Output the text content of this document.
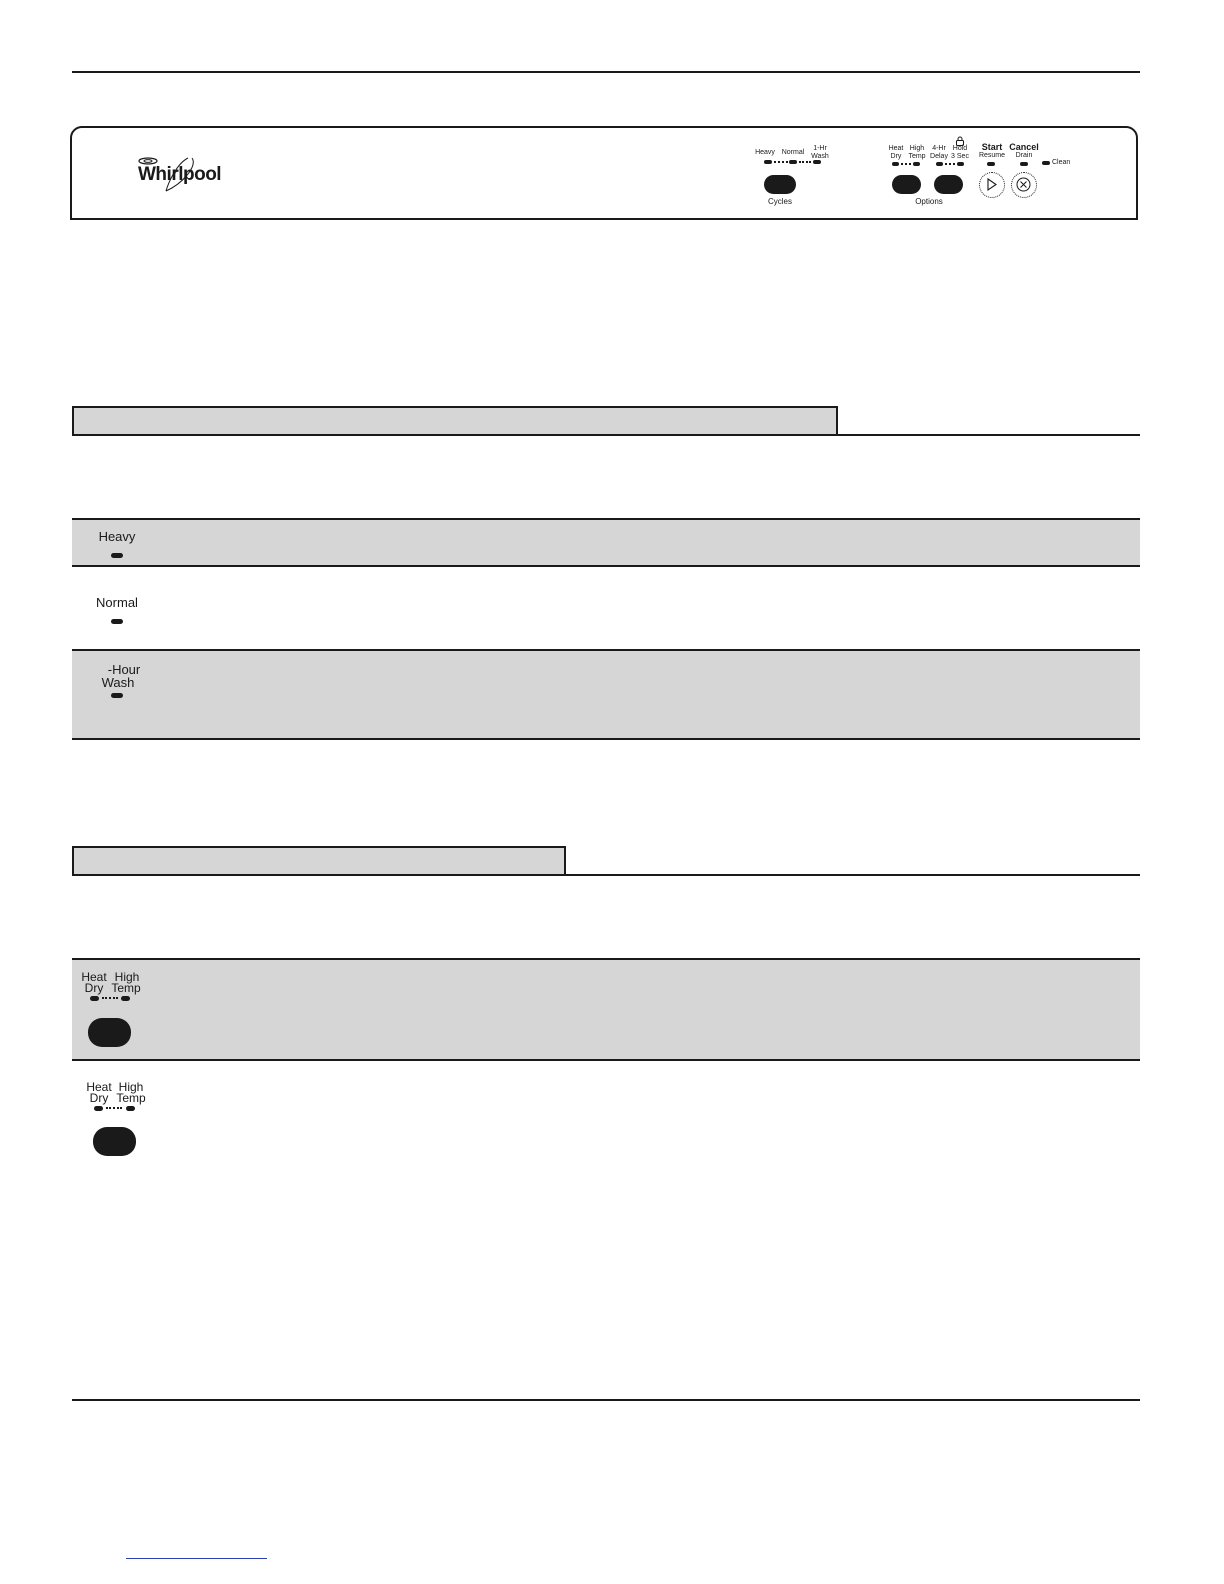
Whirlpool
Heavy Normal
1-Hr
Wash
Cycles
Heat
Dry
High
Temp
4-Hr
Delay
Hold
3 Sec
Options
Start
Resume
Cancel
Drain
Clean
Heavy
Normal
-Hour
Wash
Heat High
Dry Temp
Heat High
Dry Temp
